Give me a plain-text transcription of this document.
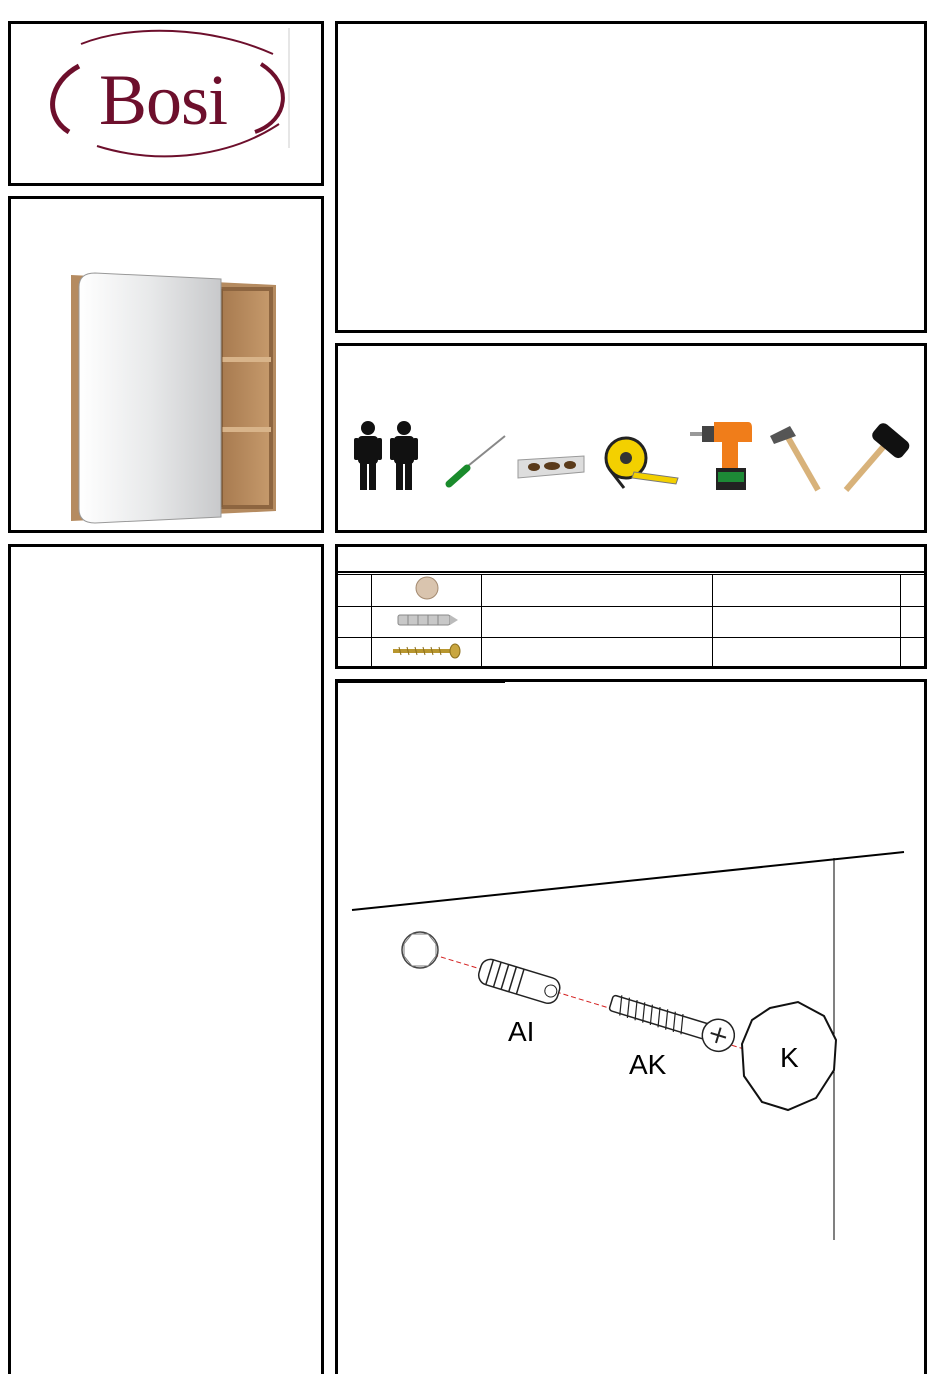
Bosi

AI
AK	K
